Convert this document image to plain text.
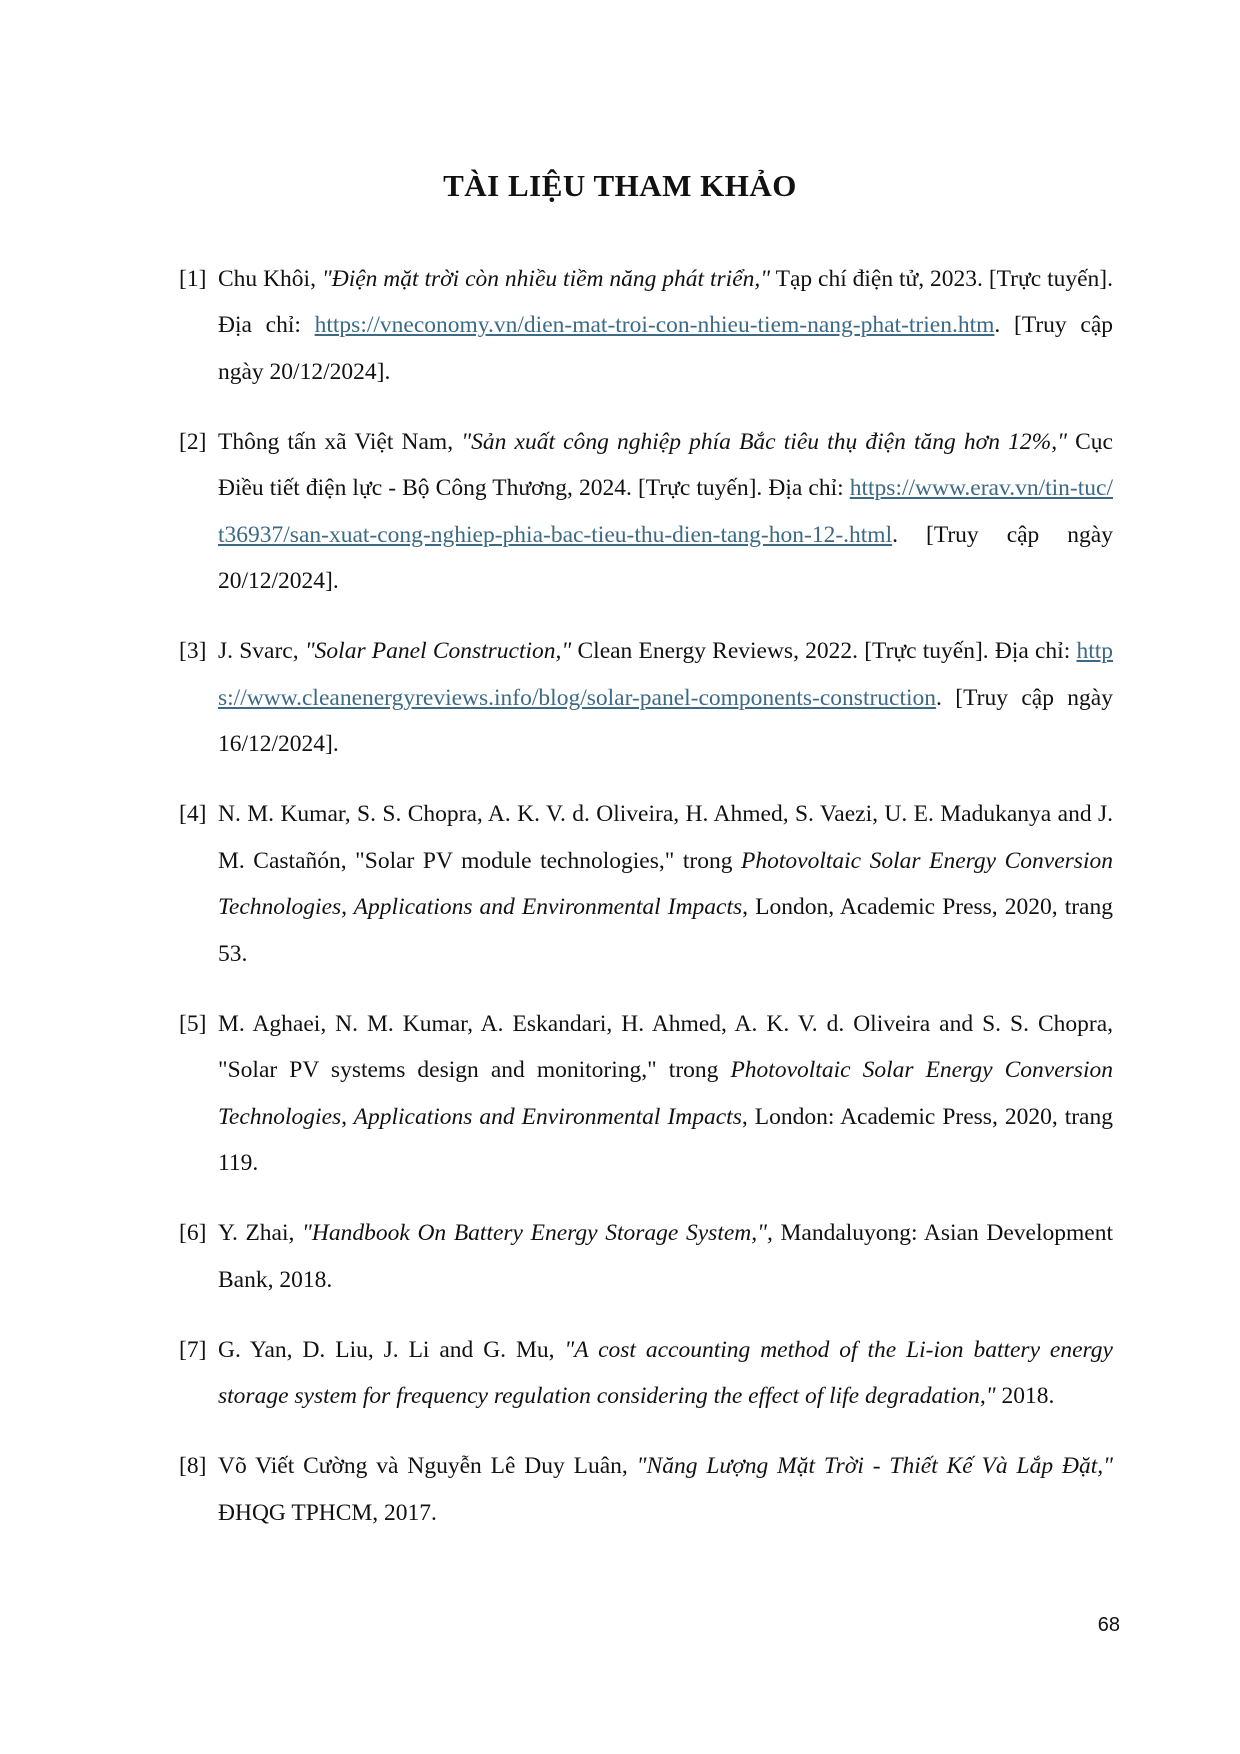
TÀI LIỆU THAM KHẢO

[1] Chu Khôi, "Điện mặt trời còn nhiều tiềm năng phát triển," Tạp chí điện tử, 2023. [Trực tuyến]. Địa chỉ: https://vneconomy.vn/dien-mat-troi-con-nhieu-tiem-nang-phat-trien.htm. [Truy cập ngày 20/12/2024].

[2] Thông tấn xã Việt Nam, "Sản xuất công nghiệp phía Bắc tiêu thụ điện tăng hơn 12%," Cục Điều tiết điện lực - Bộ Công Thương, 2024. [Trực tuyến]. Địa chỉ: https://www.erav.vn/tin-tuc/t36937/san-xuat-cong-nghiep-phia-bac-tieu-thu-dien-tang-hon-12-.html. [Truy cập ngày 20/12/2024].

[3] J. Svarc, "Solar Panel Construction," Clean Energy Reviews, 2022. [Trực tuyến]. Địa chỉ: https://www.cleanenergyreviews.info/blog/solar-panel-components-construction. [Truy cập ngày 16/12/2024].

[4] N. M. Kumar, S. S. Chopra, A. K. V. d. Oliveira, H. Ahmed, S. Vaezi, U. E. Madukanya and J. M. Castañón, "Solar PV module technologies," trong Photovoltaic Solar Energy Conversion Technologies, Applications and Environmental Impacts, London, Academic Press, 2020, trang 53.

[5] M. Aghaei, N. M. Kumar, A. Eskandari, H. Ahmed, A. K. V. d. Oliveira and S. S. Chopra, "Solar PV systems design and monitoring," trong Photovoltaic Solar Energy Conversion Technologies, Applications and Environmental Impacts, London: Academic Press, 2020, trang 119.

[6] Y. Zhai, "Handbook On Battery Energy Storage System,", Mandaluyong: Asian Development Bank, 2018.

[7] G. Yan, D. Liu, J. Li and G. Mu, "A cost accounting method of the Li-ion battery energy storage system for frequency regulation considering the effect of life degradation," 2018.

[8] Võ Viết Cường và Nguyễn Lê Duy Luân, "Năng Lượng Mặt Trời - Thiết Kế Và Lắp Đặt," ĐHQG TPHCM, 2017.

68
